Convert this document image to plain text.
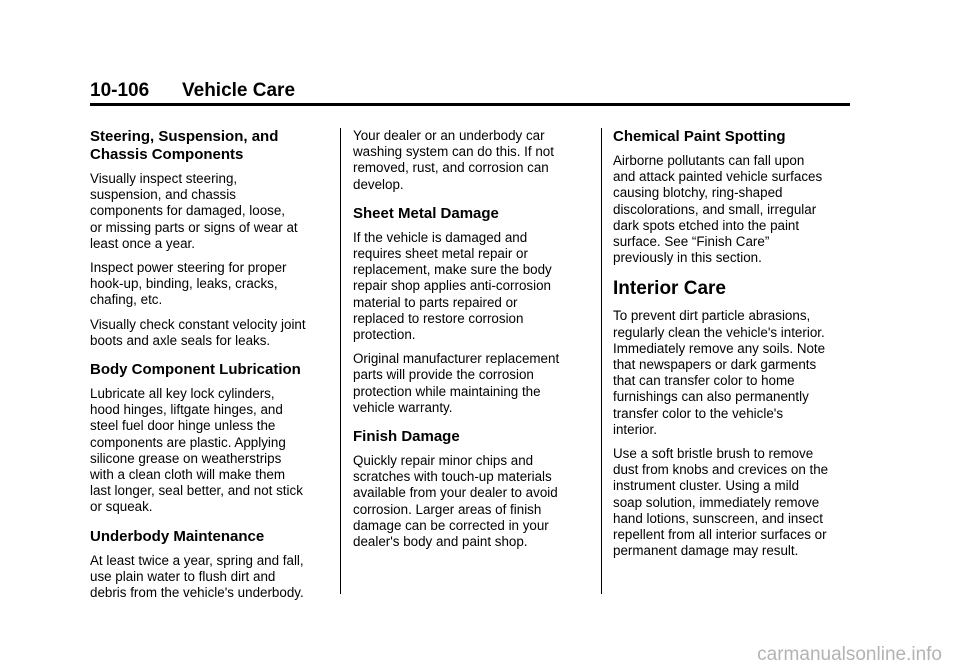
10-106 Vehicle Care
Steering, Suspension, and
Chassis Components

Visually inspect steering,
suspension, and chassis
components for damaged, loose,
or missing parts or signs of wear at
least once a year.

Inspect power steering for proper
hook-up, binding, leaks, cracks,
chafing, etc.

Visually check constant velocity joint
boots and axle seals for leaks.

Body Component Lubrication

Lubricate all key lock cylinders,
hood hinges, liftgate hinges, and
steel fuel door hinge unless the
components are plastic. Applying
silicone grease on weatherstrips
with a clean cloth will make them
last longer, seal better, and not stick
or squeak.

Underbody Maintenance

At least twice a year, spring and fall,
use plain water to flush dirt and
debris from the vehicle's underbody.

Your dealer or an underbody car
washing system can do this. If not
removed, rust, and corrosion can
develop.

Sheet Metal Damage

If the vehicle is damaged and
requires sheet metal repair or
replacement, make sure the body
repair shop applies anti-corrosion
material to parts repaired or
replaced to restore corrosion
protection.

Original manufacturer replacement
parts will provide the corrosion
protection while maintaining the
vehicle warranty.

Finish Damage

Quickly repair minor chips and
scratches with touch-up materials
available from your dealer to avoid
corrosion. Larger areas of finish
damage can be corrected in your
dealer's body and paint shop.

Chemical Paint Spotting

Airborne pollutants can fall upon
and attack painted vehicle surfaces
causing blotchy, ring-shaped
discolorations, and small, irregular
dark spots etched into the paint
surface. See “Finish Care”
previously in this section.

Interior Care

To prevent dirt particle abrasions,
regularly clean the vehicle's interior.
Immediately remove any soils. Note
that newspapers or dark garments
that can transfer color to home
furnishings can also permanently
transfer color to the vehicle's
interior.

Use a soft bristle brush to remove
dust from knobs and crevices on the
instrument cluster. Using a mild
soap solution, immediately remove
hand lotions, sunscreen, and insect
repellent from all interior surfaces or
permanent damage may result.

carmanualsonline.info
